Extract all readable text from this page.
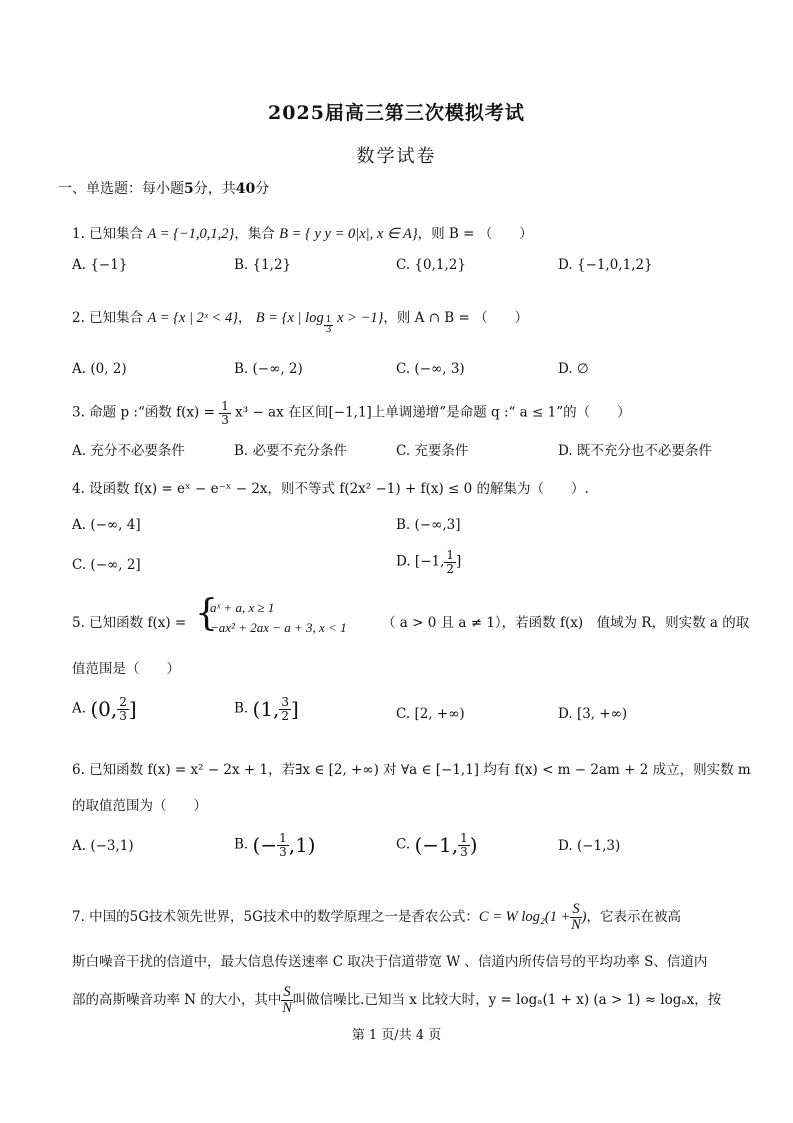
2025届高三第三次模拟考试
数学试卷
一、单选题：每小题5分，共40分
1. 已知集合 A = {−1,0,1,2}，集合 B = { y y = 0|x|, x ∈ A}，则 B = （　　）
A. {−1}	B. {1,2}	C. {0,1,2}	D. {−1,0,1,2}
2. 已知集合 A = {x | 2ˣ < 4}， B = {x | $\log \frac{1}{3}$ x > −1}，则 A ∩ B = （　　）
A. (0, 2)	B. (−∞, 2)	C. (−∞, 3)	D. ∅
3. 命题 p :“函数 $f(x) = \frac{1}{3} x^3$ − ax 在区间[−1,1]上单调递增”是命题 q :“ a ≤ 1”的（　　）
A. 充分不必要条件	B. 必要不充分条件	C. 充要条件	D. 既不充分也不必要条件
4. 设函数 f(x) = eˣ − e⁻ˣ − 2x，则不等式 f(2x² −1) + f(x) ≤ 0 的解集为（　　）.
A. (−∞, 4]	B. (−∞,3]
C. (−∞, 2]	D. [−1, $\frac{1}{2}$ ]
5. 已知函数 f(x) = {
aˣ + a, x ≥ 1
−ax² + 2ax − a + 3, x < 1	（ a > 0 且 a ≠ 1），若函数 f(x)　值域为 R，则实数 a 的取
值范围是（　　）
A. (0, $\frac{2}{3}$ ]	B. (1, $\frac{3}{2}$ ]	C. [2, +∞)	D. [3, +∞)
6. 已知函数 f(x) = x² − 2x + 1，若∃x ∈ [2, +∞) 对 ∀a ∈ [−1,1] 均有 f(x) < m − 2am + 2 成立，则实数 m
的取值范围为（　　）
A. (−3,1)	B. (− $\frac{1}{3} ,1$)	C. (−1, $\frac{1}{3}$ )	D. (−1,3)
7. 中国的5G技术领先世界，5G技术中的数学原理之一是香农公式：C = W $\log_2(1 + \frac{S}{N}$ )，它表示在被高
斯白噪音干扰的信道中，最大信息传送速率 C 取决于信道带宽 W 、信道内所传信号的平均功率 S、信道内
部的高斯噪音功率 N 的大小，其中 $\frac{S}{N}$ 叫做信噪比.已知当 x 比较大时，y = logₐ(1 + x) (a > 1) ≈ logₐx，按
第 1 页/共 4 页
